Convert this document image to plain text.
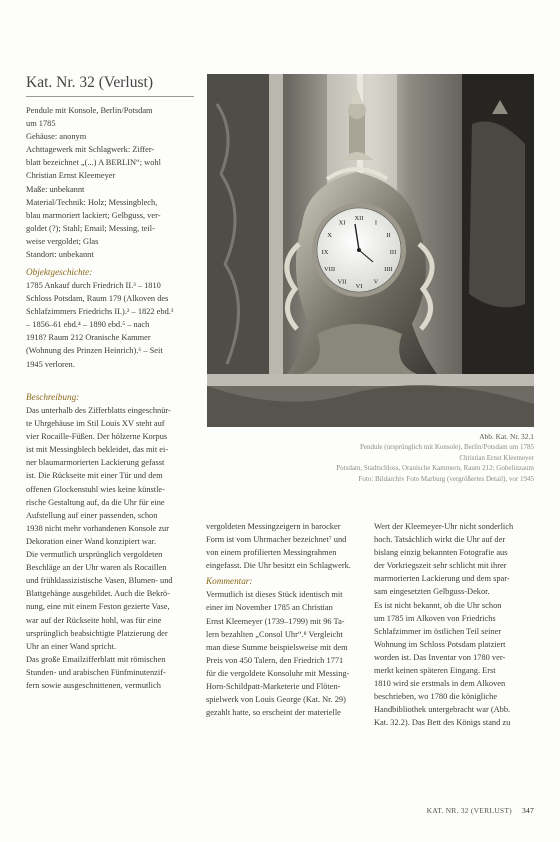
Kat. Nr. 32 (Verlust)

Pendule mit Konsole, Berlin/Potsdam

um 1785

Gehäuse: anonym

Achttagewerk mit Schlagwerk: Ziffer-

blatt bezeichnet „(...) A BERLIN“; wohl

Christian Ernst Kleemeyer

Maße: unbekannt

Material/Technik: Holz; Messingblech,

blau marmoriert lackiert; Gelbguss, ver-

goldet (?); Stahl; Email; Messing, teil-

weise vergoldet; Glas

Standort: unbekannt

Objektgeschichte:

1785 Ankauf durch Friedrich II.³ – 1810

Schloss Potsdam, Raum 179 (Alkoven des

Schlafzimmers Friedrichs II.).² – 1822 ebd.³

– 1856–61 ebd.⁴ – 1890 ebd.⁵ – nach

1918? Raum 212 Oranische Kammer

(Wohnung des Prinzen Heinrich).⁶ – Seit

1945 verloren.

Beschreibung:

Das unterhalb des Zifferblatts eingeschnür-

te Uhrgehäuse im Stil Louis XV steht auf

vier Rocaille-Füßen. Der hölzerne Korpus

ist mit Messingblech bekleidet, das mit ei-

ner blaumarmorierten Lackierung gefasst

ist. Die Rückseite mit einer Tür und dem

offenen Glockenstuhl wies keine künstle-

rische Gestaltung auf, da die Uhr für eine

Aufstellung auf einer passenden, schon

1938 nicht mehr vorhandenen Konsole zur

Dekoration einer Wand konzipiert war.

Die vermutlich ursprünglich vergoldeten

Beschläge an der Uhr waren als Rocaillen

und frühklassizistische Vasen, Blumen- und

Blattgehänge ausgebildet. Auch die Bekrö-

nung, eine mit einem Feston gezierte Vase,

war auf der Rückseite hohl, was für eine

ursprünglich beabsichtigte Platzierung der

Uhr an einer Wand spricht.

Das große Emailzifferblatt mit römischen

Stunden- und arabischen Fünfminutenzif-

fern sowie ausgeschnittenen, vermutlich

XII
I
II
III
IIII
V
VI
VII
VIII
IX
X
XI
Abb. Kat. Nr. 32.1
Pendule (ursprünglich mit Konsole), Berlin/Potsdam um 1785
Christian Ernst Kleemeyer
Potsdam, Stadtschloss, Oranische Kammern, Raum 212: Gobelinzaum
Foto: Bildarchiv Foto Marburg (vergrößertes Detail), vor 1945

vergoldeten Messingzeigern in barocker

Form ist vom Uhrmacher bezeichnet⁷ und

von einem profilierten Messingrahmen

eingefasst. Die Uhr besitzt ein Schlagwerk.

Kommentar:

Vermutlich ist dieses Stück identisch mit

einer im November 1785 an Christian

Ernst Kleemeyer (1739–1799) mit 96 Ta-

lern bezahlten „Consol Uhr“.⁸ Vergleicht

man diese Summe beispielsweise mit dem

Preis von 450 Talern, den Friedrich 1771

für die vergoldete Konsoluhr mit Messing-

Horn-Schildpatt-Marketerie und Flöten-

spielwerk von Louis George (Kat. Nr. 29)

gezahlt hatte, so erscheint der materielle

Wert der Kleemeyer-Uhr nicht sonderlich

hoch. Tatsächlich wirkt die Uhr auf der

bislang einzig bekannten Fotografie aus

der Vorkriegszeit sehr schlicht mit ihrer

marmorierten Lackierung und dem spar-

sam eingesetzten Gelbguss-Dekor.

Es ist nicht bekannt, ob die Uhr schon

um 1785 im Alkoven von Friedrichs

Schlafzimmer im östlichen Teil seiner

Wohnung im Schloss Potsdam platziert

worden ist. Das Inventar von 1780 ver-

merkt keinen späteren Eingang. Erst

1810 wird sie erstmals in dem Alkoven

beschrieben, wo 1780 die königliche

Handbibliothek untergebracht war (Abb.

Kat. 32.2). Das Bett des Königs stand zu

KAT. NR. 32 (VERLUST) 347
